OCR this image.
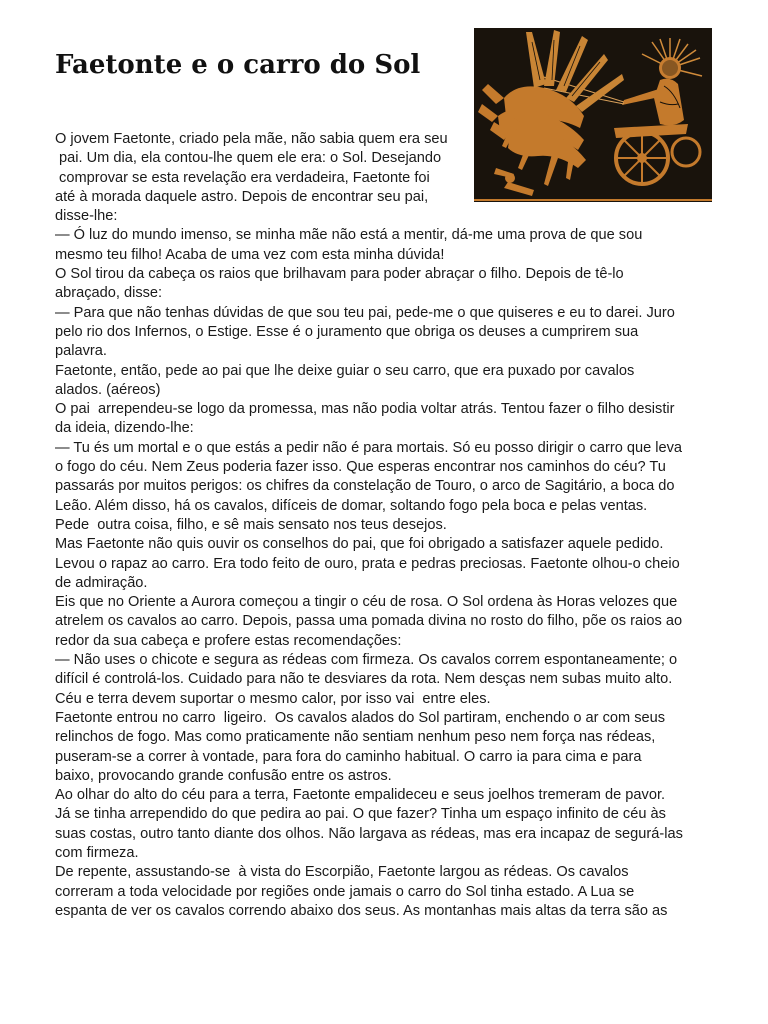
Faetonte e o carro do Sol
O jovem Faetonte, criado pela mãe, não sabia quem era seu
pai. Um dia, ela contou-lhe quem ele era: o Sol. Desejando
comprovar se esta revelação era verdadeira, Faetonte foi
até à morada daquele astro. Depois de encontrar seu pai,
disse-lhe:
— Ó luz do mundo imenso, se minha mãe não está a mentir, dá-me uma prova de que sou
mesmo teu filho! Acaba de uma vez com esta minha dúvida!
O Sol tirou da cabeça os raios que brilhavam para poder abraçar o filho. Depois de tê-lo
abraçado, disse:
— Para que não tenhas dúvidas de que sou teu pai, pede-me o que quiseres e eu to darei. Juro
pelo rio dos Infernos, o Estige. Esse é o juramento que obriga os deuses a cumprirem sua
palavra.
Faetonte, então, pede ao pai que lhe deixe guiar o seu carro, que era puxado por cavalos
alados. (aéreos)
O pai  arrependeu-se logo da promessa, mas não podia voltar atrás. Tentou fazer o filho desistir
da ideia, dizendo-lhe:
— Tu és um mortal e o que estás a pedir não é para mortais. Só eu posso dirigir o carro que leva
o fogo do céu. Nem Zeus poderia fazer isso. Que esperas encontrar nos caminhos do céu? Tu
passarás por muitos perigos: os chifres da constelação de Touro, o arco de Sagitário, a boca do
Leão. Além disso, há os cavalos, difíceis de domar, soltando fogo pela boca e pelas ventas.
Pede  outra coisa, filho, e sê mais sensato nos teus desejos.
Mas Faetonte não quis ouvir os conselhos do pai, que foi obrigado a satisfazer aquele pedido.
Levou o rapaz ao carro. Era todo feito de ouro, prata e pedras preciosas. Faetonte olhou-o cheio
de admiração.
Eis que no Oriente a Aurora começou a tingir o céu de rosa. O Sol ordena às Horas velozes que
atrelem os cavalos ao carro. Depois, passa uma pomada divina no rosto do filho, põe os raios ao
redor da sua cabeça e profere estas recomendações:
— Não uses o chicote e segura as rédeas com firmeza. Os cavalos correm espontaneamente; o
difícil é controlá-los. Cuidado para não te desviares da rota. Nem desças nem subas muito alto.
Céu e terra devem suportar o mesmo calor, por isso vai  entre eles.
Faetonte entrou no carro  ligeiro.  Os cavalos alados do Sol partiram, enchendo o ar com seus
relinchos de fogo. Mas como praticamente não sentiam nenhum peso nem força nas rédeas,
puseram-se a correr à vontade, para fora do caminho habitual. O carro ia para cima e para
baixo, provocando grande confusão entre os astros.
Ao olhar do alto do céu para a terra, Faetonte empalideceu e seus joelhos tremeram de pavor.
Já se tinha arrependido do que pedira ao pai. O que fazer? Tinha um espaço infinito de céu às
suas costas, outro tanto diante dos olhos. Não largava as rédeas, mas era incapaz de segurá-las
com firmeza.
De repente, assustando-se  à vista do Escorpião, Faetonte largou as rédeas. Os cavalos
correram a toda velocidade por regiões onde jamais o carro do Sol tinha estado. A Lua se
espanta de ver os cavalos correndo abaixo dos seus. As montanhas mais altas da terra são as
